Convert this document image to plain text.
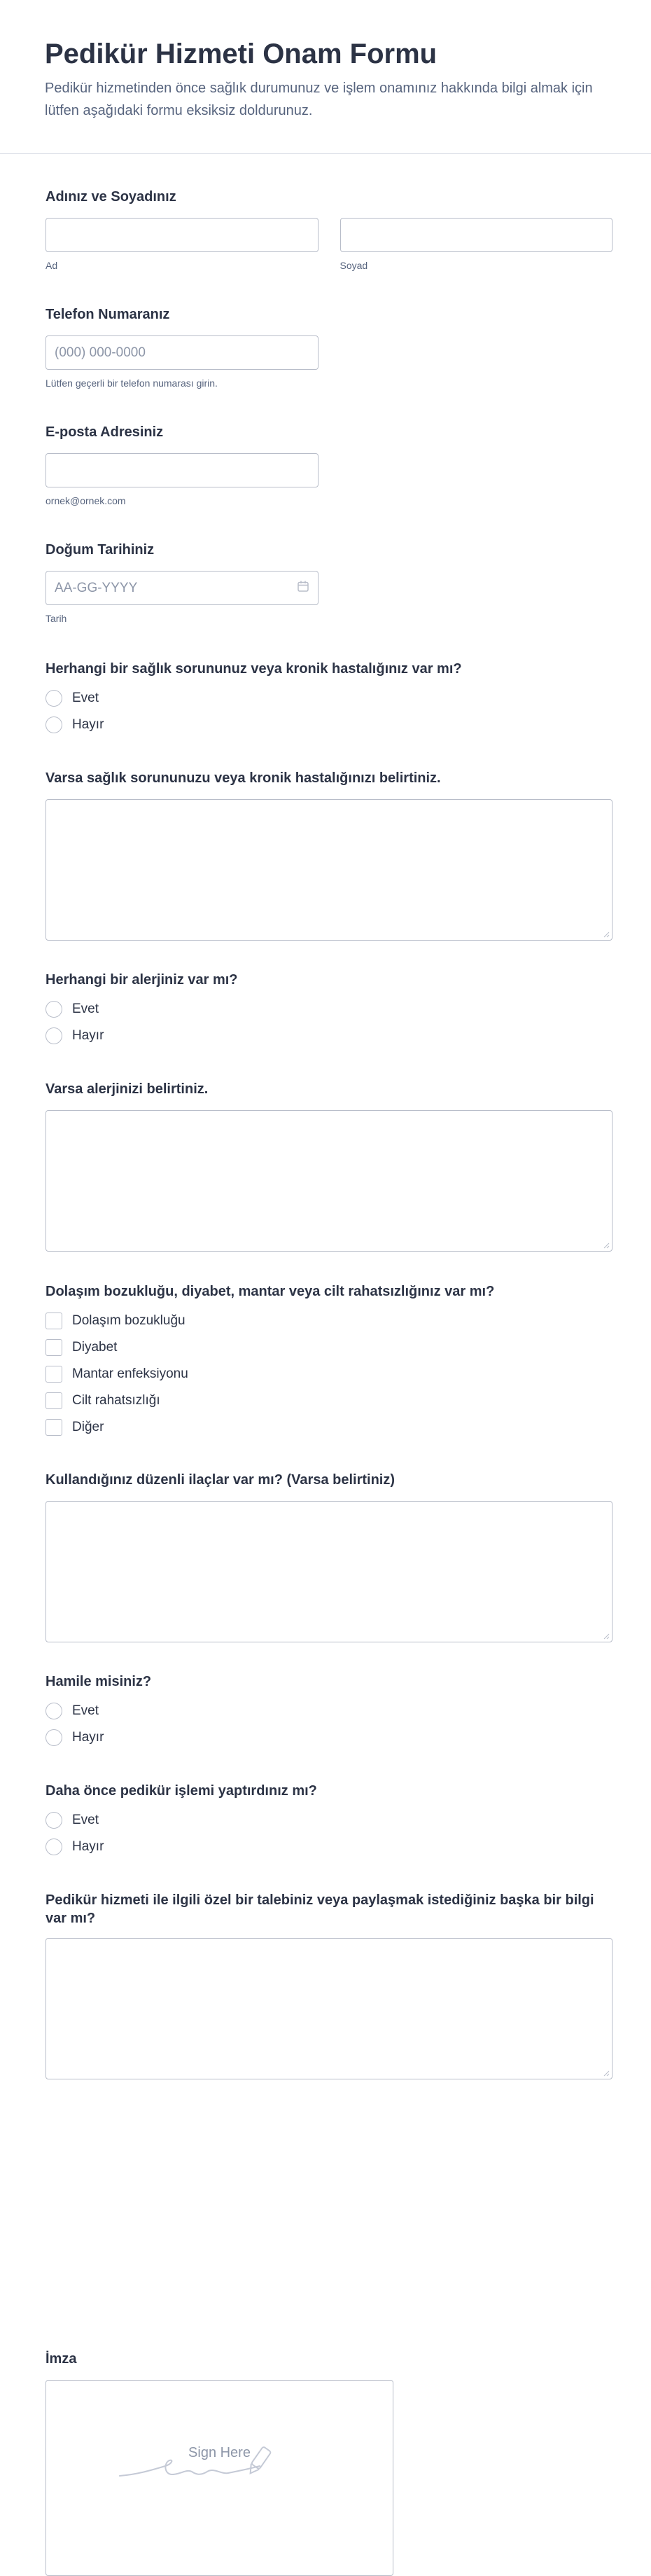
Pedikür Hizmeti Onam Formu
Pedikür hizmetinden önce sağlık durumunuz ve işlem onamınız hakkında bilgi almak için lütfen aşağıdaki formu eksiksiz doldurunuz.
Adınız ve Soyadınız
Ad	Soyad
Telefon Numaranız
(000) 000-0000
Lütfen geçerli bir telefon numarası girin.
E-posta Adresiniz
ornek@ornek.com
Doğum Tarihiniz
AA-GG-YYYY
Tarih
Herhangi bir sağlık sorununuz veya kronik hastalığınız var mı?
Evet
Hayır
Varsa sağlık sorununuzu veya kronik hastalığınızı belirtiniz.
Herhangi bir alerjiniz var mı?
Evet
Hayır
Varsa alerjinizi belirtiniz.
Dolaşım bozukluğu, diyabet, mantar veya cilt rahatsızlığınız var mı?
Dolaşım bozukluğu
Diyabet
Mantar enfeksiyonu
Cilt rahatsızlığı
Diğer
Kullandığınız düzenli ilaçlar var mı? (Varsa belirtiniz)
Hamile misiniz?
Evet
Hayır
Daha önce pedikür işlemi yaptırdınız mı?
Evet
Hayır
Pedikür hizmeti ile ilgili özel bir talebiniz veya paylaşmak istediğiniz başka bir bilgi var mı?
İmza
Sign Here
